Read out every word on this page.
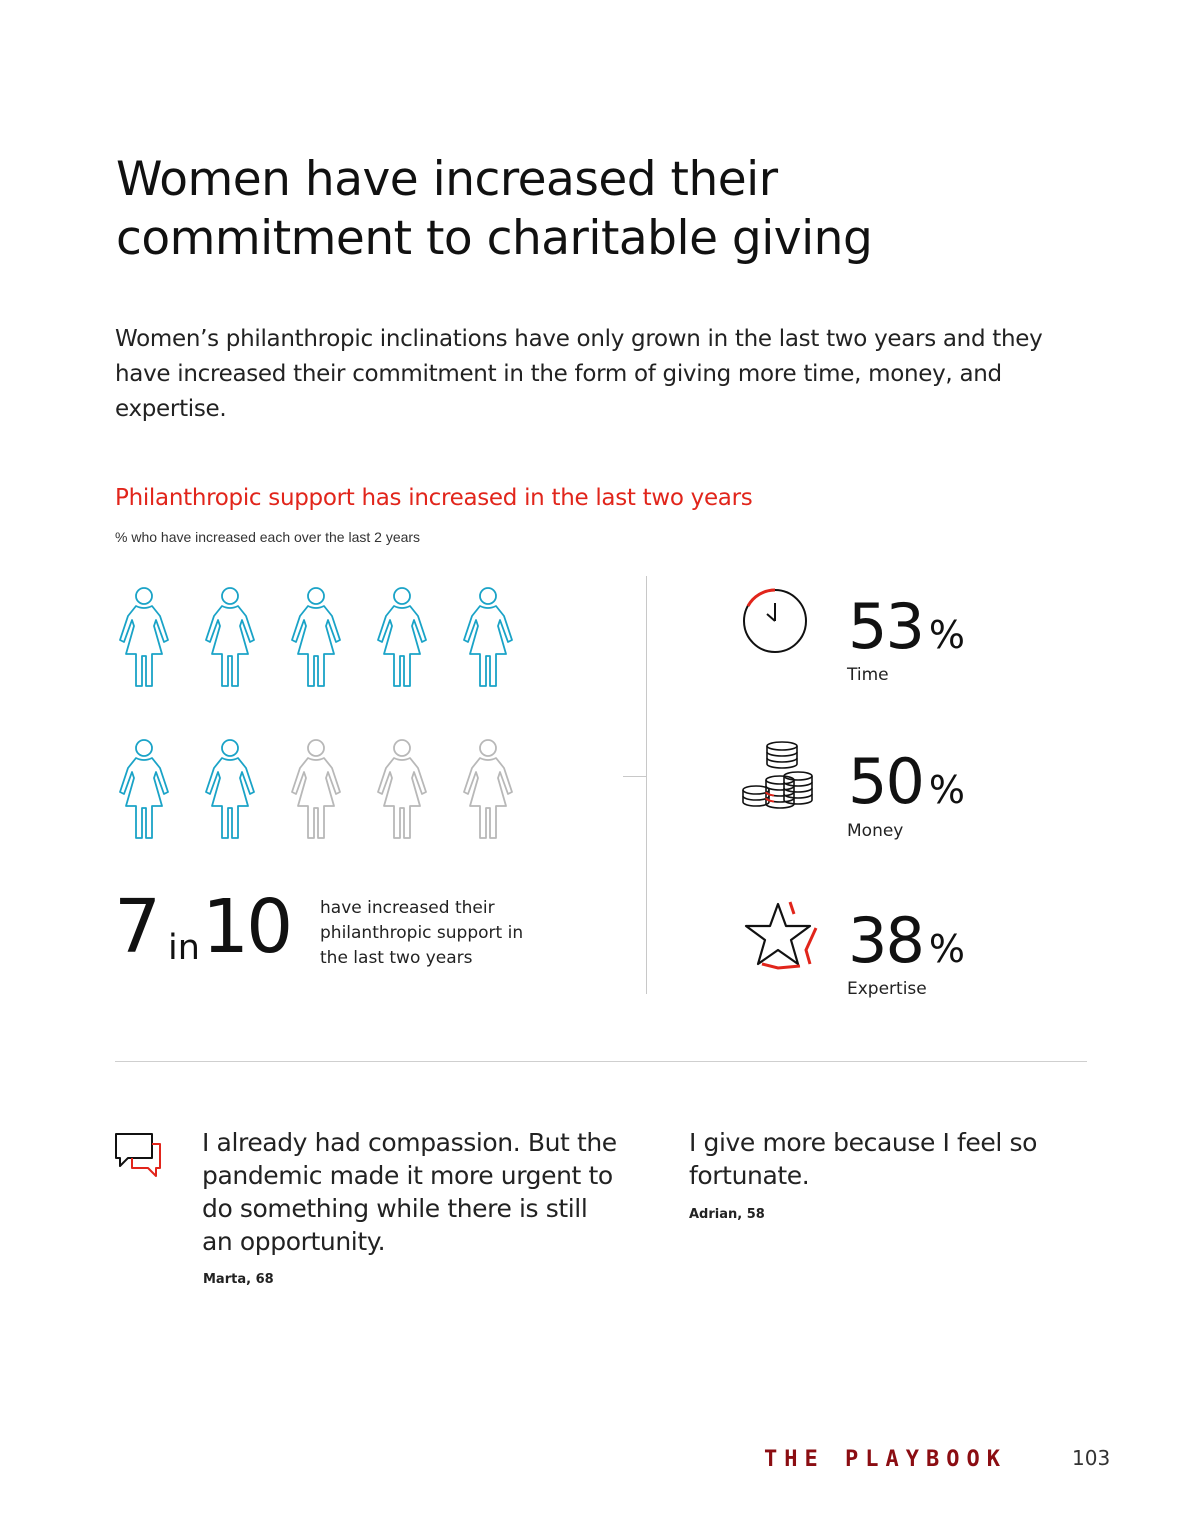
Women have increased their
commitment to charitable giving

Women’s philanthropic inclinations have only grown in the last two years and they have increased their commitment in the form of giving more time, money, and expertise.

Philanthropic support has increased in the last two years
% who have increased each over the last 2 years
7 in 10 have increased their philanthropic support in the last two years
53 %
Time
50 %
Money
38 %
Expertise
I already had compassion. But the pandemic made it more urgent to do something while there is still an opportunity.
Marta, 68
I give more because I feel so fortunate.
Adrian, 58
THE PLAYBOOK	103
